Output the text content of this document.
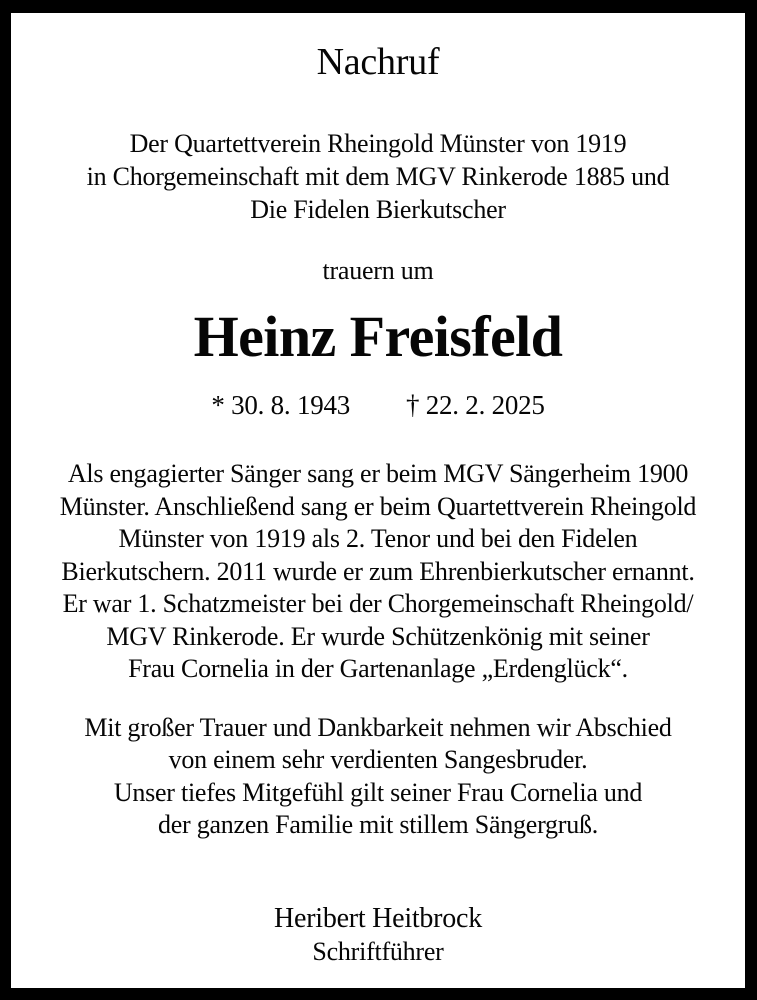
Nachruf
Der Quartettverein Rheingold Münster von 1919
in Chorgemeinschaft mit dem MGV Rinkerode 1885 und
Die Fidelen Bierkutscher
trauern um
Heinz Freisfeld
* 30. 8. 1943 † 22. 2. 2025
Als engagierter Sänger sang er beim MGV Sängerheim 1900
Münster. Anschließend sang er beim Quartettverein Rheingold
Münster von 1919 als 2. Tenor und bei den Fidelen
Bierkutschern. 2011 wurde er zum Ehrenbierkutscher ernannt.
Er war 1. Schatzmeister bei der Chorgemeinschaft Rheingold/
MGV Rinkerode. Er wurde Schützenkönig mit seiner
Frau Cornelia in der Gartenanlage „Erdenglück“.
Mit großer Trauer und Dankbarkeit nehmen wir Abschied
von einem sehr verdienten Sangesbruder.
Unser tiefes Mitgefühl gilt seiner Frau Cornelia und
der ganzen Familie mit stillem Sängergruß.
Heribert Heitbrock
Schriftführer
